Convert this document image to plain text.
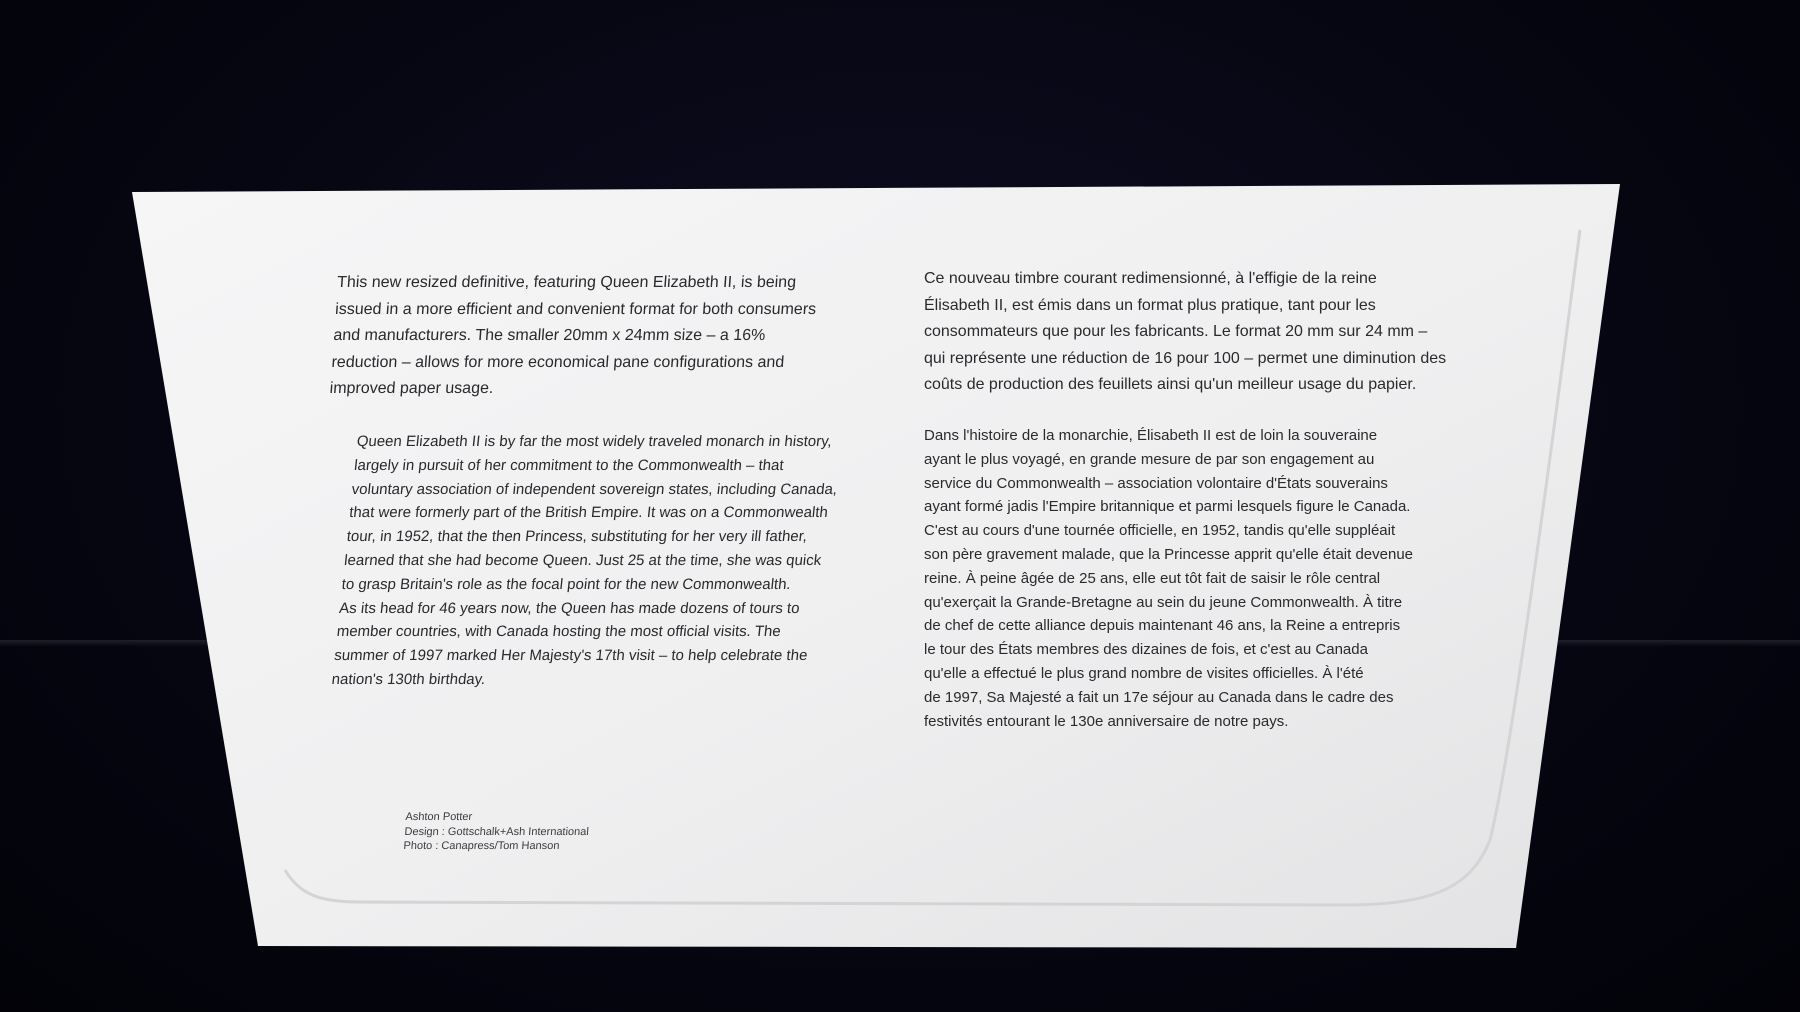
This new resized definitive, featuring Queen Elizabeth II, is being
issued in a more efficient and convenient format for both consumers
and manufacturers. The smaller 20mm x 24mm size – a 16%
reduction – allows for more economical pane configurations and
improved paper usage.

Queen Elizabeth II is by far the most widely traveled monarch in history,
largely in pursuit of her commitment to the Commonwealth – that
voluntary association of independent sovereign states, including Canada,
that were formerly part of the British Empire. It was on a Commonwealth
tour, in 1952, that the then Princess, substituting for her very ill father,
learned that she had become Queen. Just 25 at the time, she was quick
to grasp Britain's role as the focal point for the new Commonwealth.
As its head for 46 years now, the Queen has made dozens of tours to
member countries, with Canada hosting the most official visits. The
summer of 1997 marked Her Majesty's 17th visit – to help celebrate the
nation's 130th birthday.

Ce nouveau timbre courant redimensionné, à l'effigie de la reine
Élisabeth II, est émis dans un format plus pratique, tant pour les
consommateurs que pour les fabricants. Le format 20 mm sur 24 mm –
qui représente une réduction de 16 pour 100 – permet une diminution des
coûts de production des feuillets ainsi qu'un meilleur usage du papier.

Dans l'histoire de la monarchie, Élisabeth II est de loin la souveraine
ayant le plus voyagé, en grande mesure de par son engagement au
service du Commonwealth – association volontaire d'États souverains
ayant formé jadis l'Empire britannique et parmi lesquels figure le Canada.
C'est au cours d'une tournée officielle, en 1952, tandis qu'elle suppléait
son père gravement malade, que la Princesse apprit qu'elle était devenue
reine. À peine âgée de 25 ans, elle eut tôt fait de saisir le rôle central
qu'exerçait la Grande-Bretagne au sein du jeune Commonwealth. À titre
de chef de cette alliance depuis maintenant 46 ans, la Reine a entrepris
le tour des États membres des dizaines de fois, et c'est au Canada
qu'elle a effectué le plus grand nombre de visites officielles. À l'été
de 1997, Sa Majesté a fait un 17e séjour au Canada dans le cadre des
festivités entourant le 130e anniversaire de notre pays.

Ashton Potter
Design : Gottschalk+Ash International
Photo : Canapress/Tom Hanson
